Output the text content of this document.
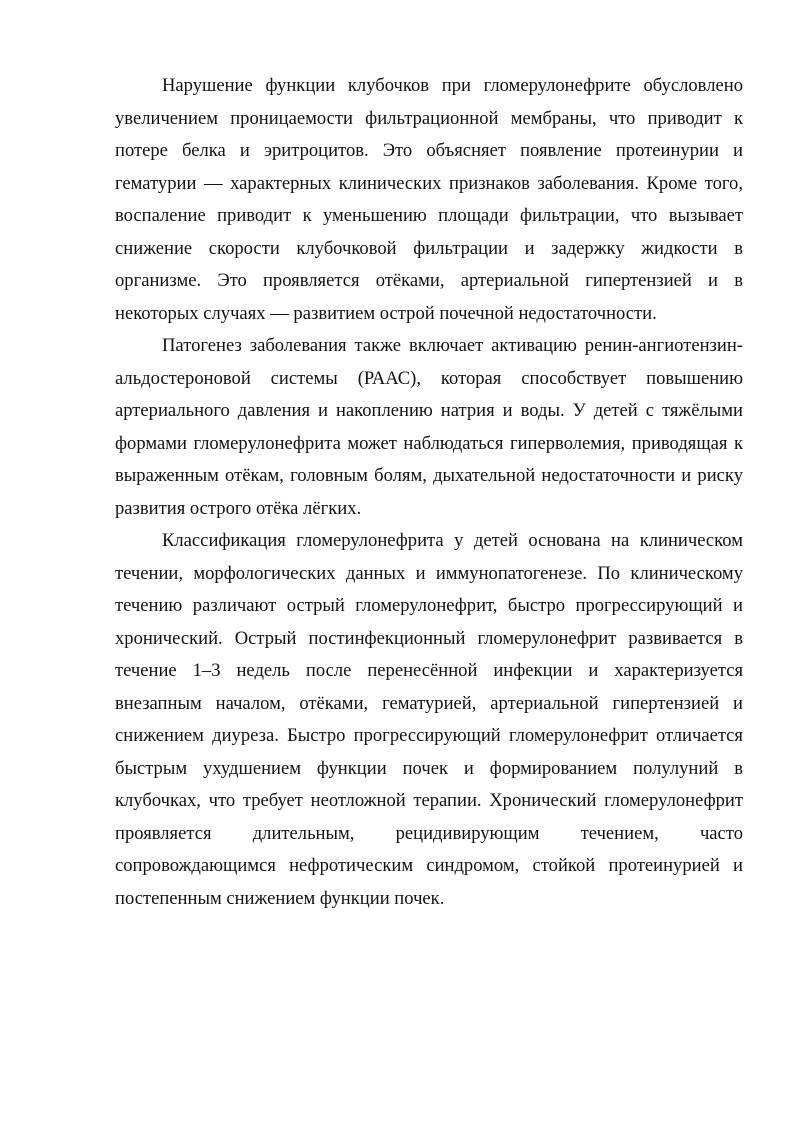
Нарушение функции клубочков при гломерулонефрите обусловлено увеличением проницаемости фильтрационной мембраны, что приводит к потере белка и эритроцитов. Это объясняет появление протеинурии и гематурии — характерных клинических признаков заболевания. Кроме того, воспаление приводит к уменьшению площади фильтрации, что вызывает снижение скорости клубочковой фильтрации и задержку жидкости в организме. Это проявляется отёками, артериальной гипертензией и в некоторых случаях — развитием острой почечной недостаточности.

Патогенез заболевания также включает активацию ренин-ангиотензин-альдостероновой системы (РААС), которая способствует повышению артериального давления и накоплению натрия и воды. У детей с тяжёлыми формами гломерулонефрита может наблюдаться гиперволемия, приводящая к выраженным отёкам, головным болям, дыхательной недостаточности и риску развития острого отёка лёгких.

Классификация гломерулонефрита у детей основана на клиническом течении, морфологических данных и иммунопатогенезе. По клиническому течению различают острый гломерулонефрит, быстро прогрессирующий и хронический. Острый постинфекционный гломерулонефрит развивается в течение 1–3 недель после перенесённой инфекции и характеризуется внезапным началом, отёками, гематурией, артериальной гипертензией и снижением диуреза. Быстро прогрессирующий гломерулонефрит отличается быстрым ухудшением функции почек и формированием полулуний в клубочках, что требует неотложной терапии. Хронический гломерулонефрит проявляется длительным, рецидивирующим течением, часто сопровождающимся нефротическим синдромом, стойкой протеинурией и постепенным снижением функции почек.
